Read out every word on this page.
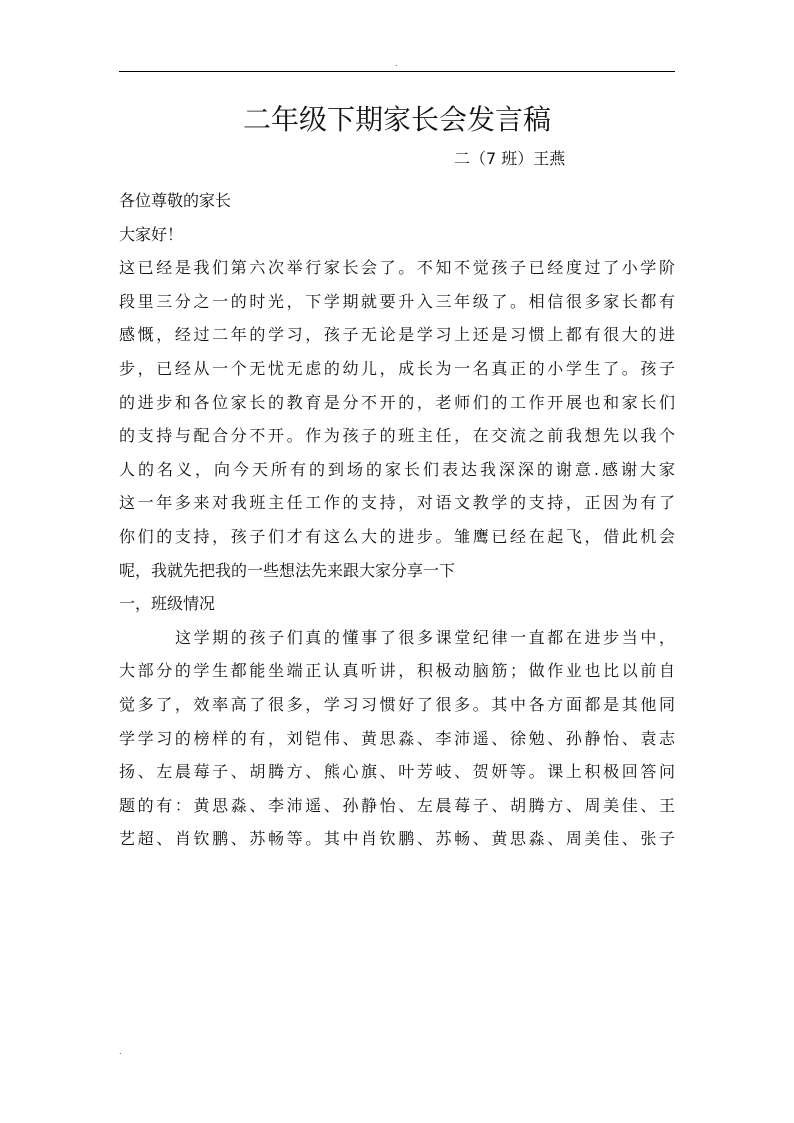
.
二年级下期家长会发言稿
二（7 班）王燕
各位尊敬的家长
大家好！
这已经是我们第六次举行家长会了。不知不觉孩子已经度过了小学阶
段里三分之一的时光，下学期就要升入三年级了。相信很多家长都有
感慨，经过二年的学习，孩子无论是学习上还是习惯上都有很大的进
步，已经从一个无忧无虑的幼儿，成长为一名真正的小学生了。孩子
的进步和各位家长的教育是分不开的，老师们的工作开展也和家长们
的支持与配合分不开。作为孩子的班主任，在交流之前我想先以我个
人的名义，向今天所有的到场的家长们表达我深深的谢意.感谢大家
这一年多来对我班主任工作的支持，对语文教学的支持，正因为有了
你们的支持，孩子们才有这么大的进步。雏鹰已经在起飞，借此机会
呢，我就先把我的一些想法先来跟大家分享一下
一，班级情况
这学期的孩子们真的懂事了很多课堂纪律一直都在进步当中，
大部分的学生都能坐端正认真听讲，积极动脑筋；做作业也比以前自
觉多了，效率高了很多，学习习惯好了很多。其中各方面都是其他同
学学习的榜样的有，刘铠伟、黄思淼、李沛遥、徐勉、孙静怡、袁志
扬、左晨莓子、胡腾方、熊心旗、叶芳岐、贺妍等。课上积极回答问
题的有：黄思淼、李沛遥、孙静怡、左晨莓子、胡腾方、周美佳、王
艺超、肖钦鹏、苏畅等。其中肖钦鹏、苏畅、黄思淼、周美佳、张子
.
